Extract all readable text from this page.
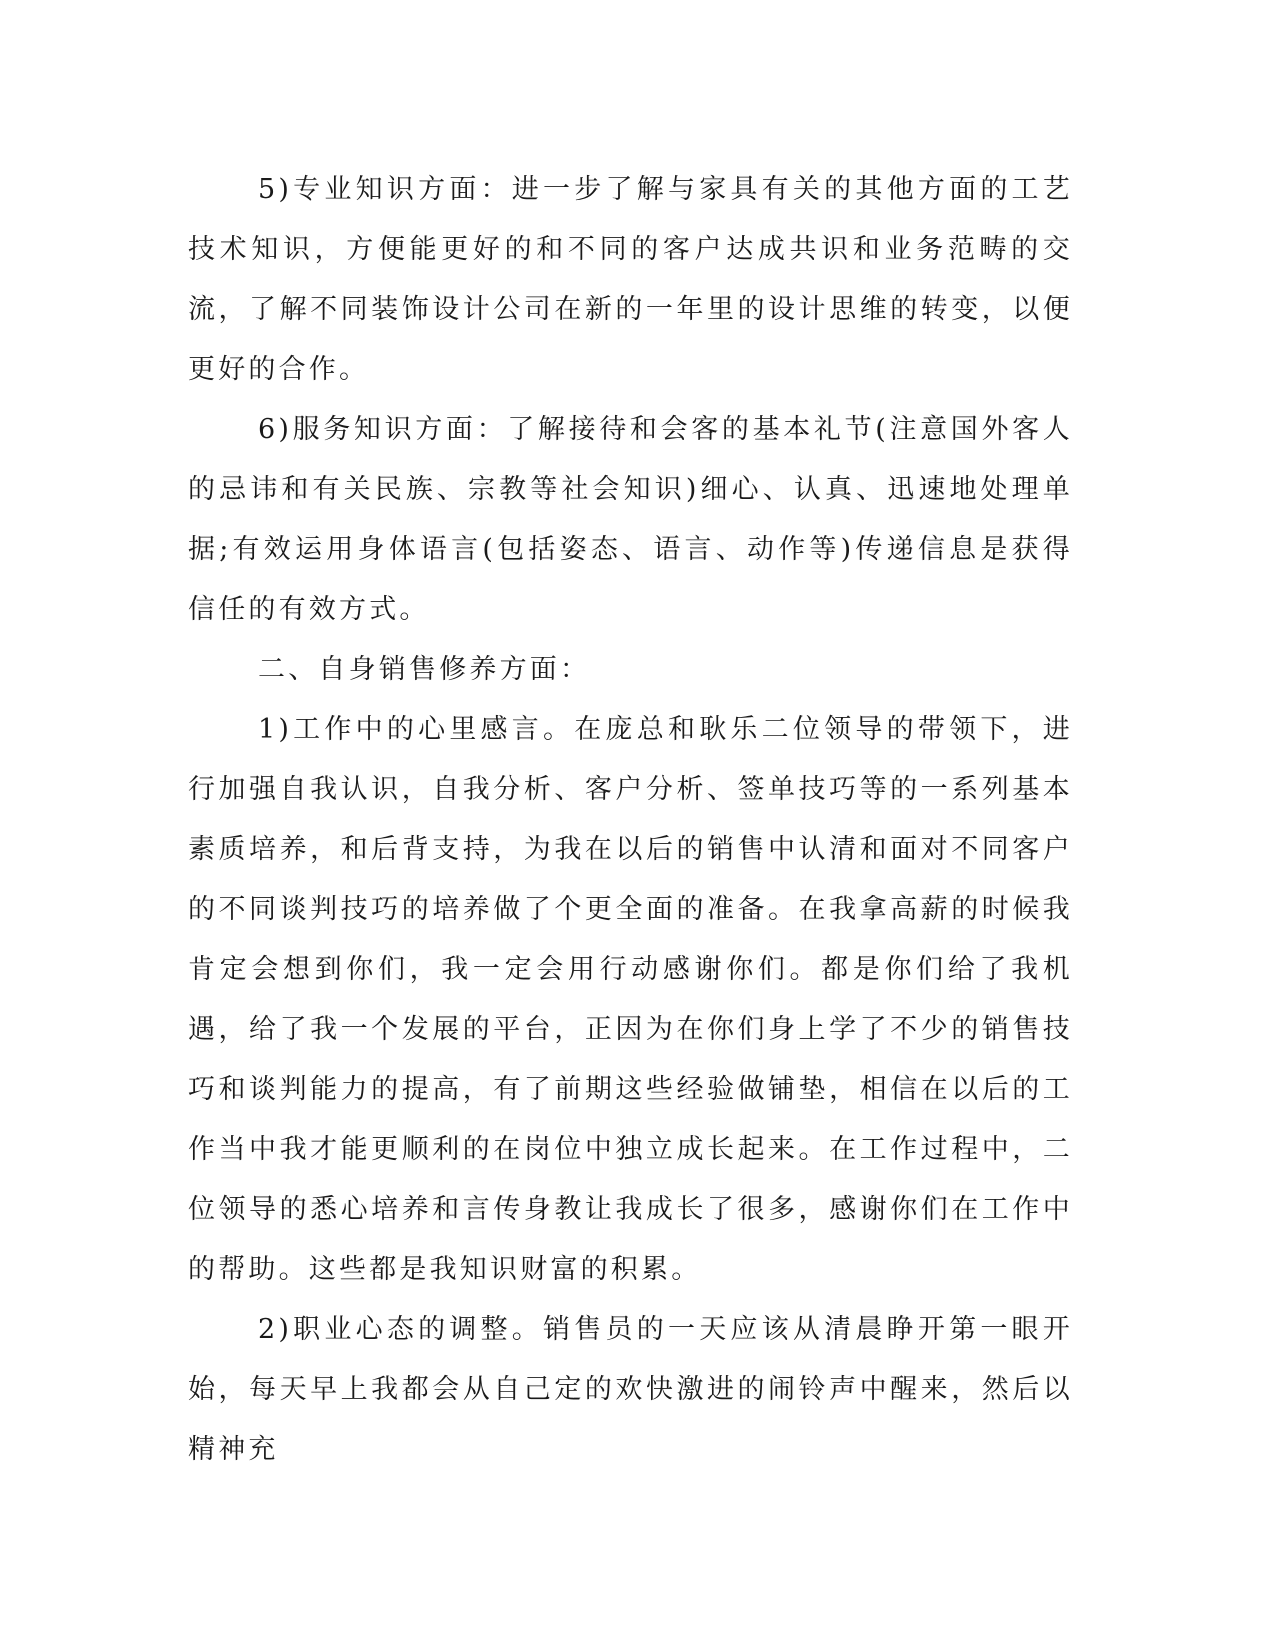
5)专业知识方面：进一步了解与家具有关的其他方面的工艺技术知识，方便能更好的和不同的客户达成共识和业务范畴的交流，了解不同装饰设计公司在新的一年里的设计思维的转变，以便更好的合作。

6)服务知识方面：了解接待和会客的基本礼节(注意国外客人的忌讳和有关民族、宗教等社会知识)细心、认真、迅速地处理单据;有效运用身体语言(包括姿态、语言、动作等)传递信息是获得信任的有效方式。

二、自身销售修养方面：

1)工作中的心里感言。在庞总和耿乐二位领导的带领下，进行加强自我认识，自我分析、客户分析、签单技巧等的一系列基本素质培养，和后背支持，为我在以后的销售中认清和面对不同客户的不同谈判技巧的培养做了个更全面的准备。在我拿高薪的时候我肯定会想到你们，我一定会用行动感谢你们。都是你们给了我机遇，给了我一个发展的平台，正因为在你们身上学了不少的销售技巧和谈判能力的提高，有了前期这些经验做铺垫，相信在以后的工作当中我才能更顺利的在岗位中独立成长起来。在工作过程中，二位领导的悉心培养和言传身教让我成长了很多，感谢你们在工作中的帮助。这些都是我知识财富的积累。

2)职业心态的调整。销售员的一天应该从清晨睁开第一眼开始，每天早上我都会从自己定的欢快激进的闹铃声中醒来，然后以精神充
